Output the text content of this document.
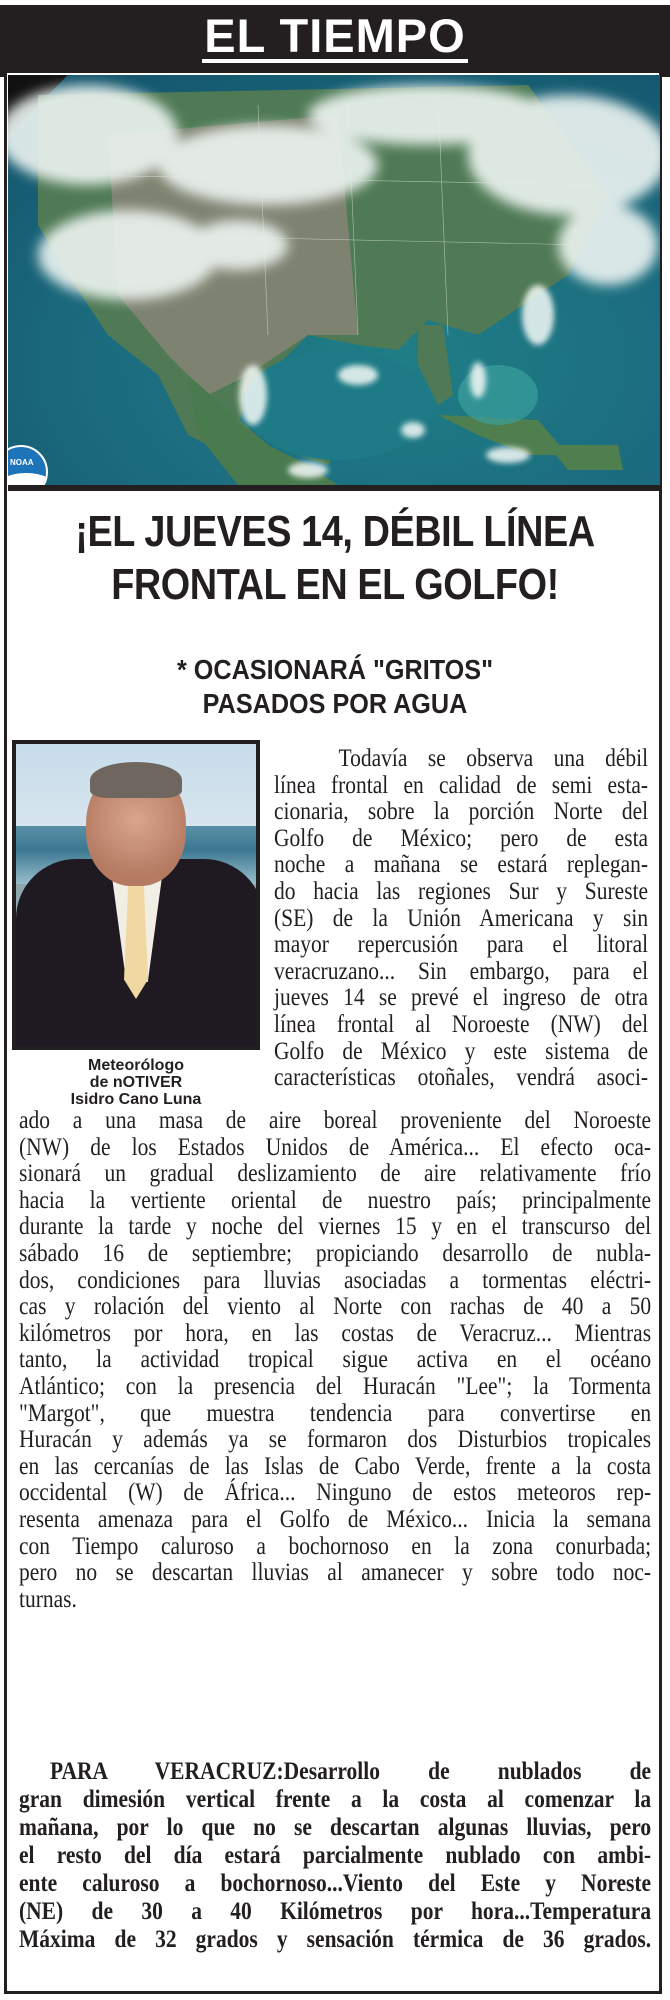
EL TIEMPO
NOAA
¡EL JUEVES 14, DÉBIL LÍNEA
FRONTAL EN EL GOLFO!
* OCASIONARÁ "GRITOS"
PASADOS POR AGUA
Meteorólogo
de nOTIVER
Isidro Cano Luna
Todavía se observa una débil
línea frontal en calidad de semi esta-
cionaria, sobre la porción Norte del
Golfo de México; pero de esta
noche a mañana se estará replegan-
do hacia las regiones Sur y Sureste
(SE) de la Unión Americana y sin
mayor repercusión para el litoral
veracruzano... Sin embargo, para el
jueves 14 se prevé el ingreso de otra
línea frontal al Noroeste (NW) del
Golfo de México y este sistema de
características otoñales, vendrá asoci-
ado a una masa de aire boreal proveniente del Noroeste
(NW) de los Estados Unidos de América... El efecto oca-
sionará un gradual deslizamiento de aire relativamente frío
hacia la vertiente oriental de nuestro país; principalmente
durante la tarde y noche del viernes 15 y en el transcurso del
sábado 16 de septiembre; propiciando desarrollo de nubla-
dos, condiciones para lluvias asociadas a tormentas eléctri-
cas y rolación del viento al Norte con rachas de 40 a 50
kilómetros por hora, en las costas de Veracruz... Mientras
tanto, la actividad tropical sigue activa en el océano
Atlántico; con la presencia del Huracán "Lee"; la Tormenta
"Margot", que muestra tendencia para convertirse en
Huracán y además ya se formaron dos Disturbios tropicales
en las cercanías de las Islas de Cabo Verde, frente a la costa
occidental (W) de África... Ninguno de estos meteoros rep-
resenta amenaza para el Golfo de México... Inicia la semana
con Tiempo caluroso a bochornoso en la zona conurbada;
pero no se descartan lluvias al amanecer y sobre todo noc-
turnas.
PARA VERACRUZ:Desarrollo de nublados de
gran dimesión vertical frente a la costa al comenzar la
mañana, por lo que no se descartan algunas lluvias, pero
el resto del día estará parcialmente nublado con ambi-
ente caluroso a bochornoso...Viento del Este y Noreste
(NE) de 30 a 40 Kilómetros por hora...Temperatura
Máxima de 32 grados y sensación térmica de 36 grados.
